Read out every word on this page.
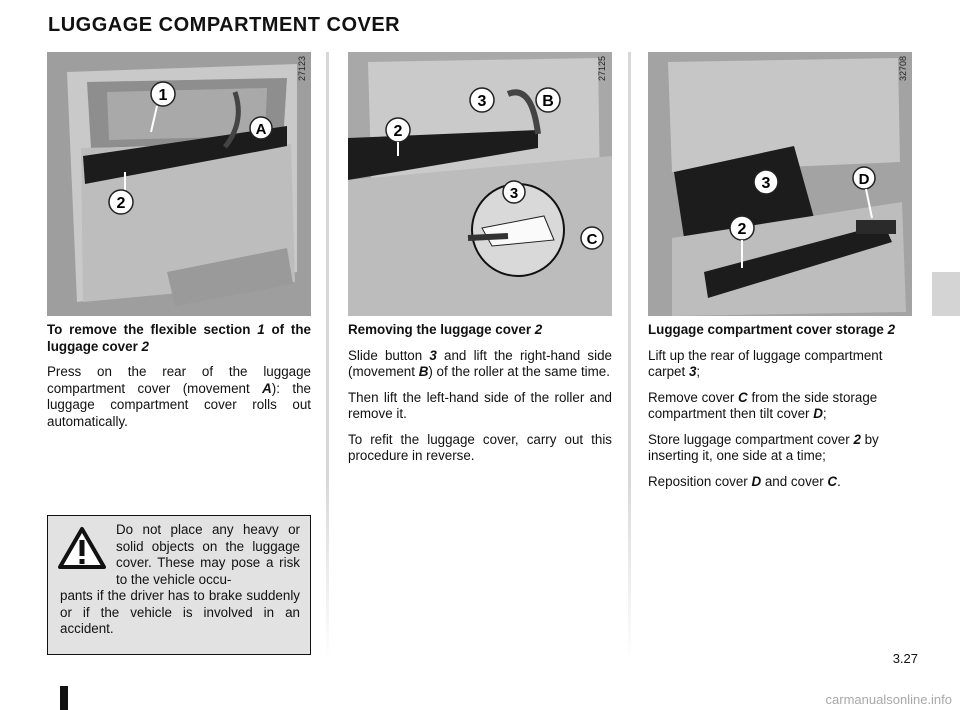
LUGGAGE COMPARTMENT COVER
1
A
2
27123
3	B
2
3
C
27125
3	D
2
32708

To remove the flexible section 1 of the luggage cover 2

Press on the rear of the luggage compartment cover (movement A): the luggage compartment cover rolls out automatically.

Removing the luggage cover 2

Slide button 3 and lift the right-hand side (movement B) of the roller at the same time.

Then lift the left-hand side of the roller and remove it.

To refit the luggage cover, carry out this procedure in reverse.

Luggage compartment cover storage 2

Lift up the rear of luggage compartment carpet 3;

Remove cover C from the side storage compartment then tilt cover D;

Store luggage compartment cover 2 by inserting it, one side at a time;

Reposition cover D and cover C.

Do not place any heavy or solid objects on the luggage cover. These may pose a risk to the vehicle occu-
pants if the driver has to brake suddenly or if the vehicle is involved in an accident.
3.27
carmanualsonline.info
